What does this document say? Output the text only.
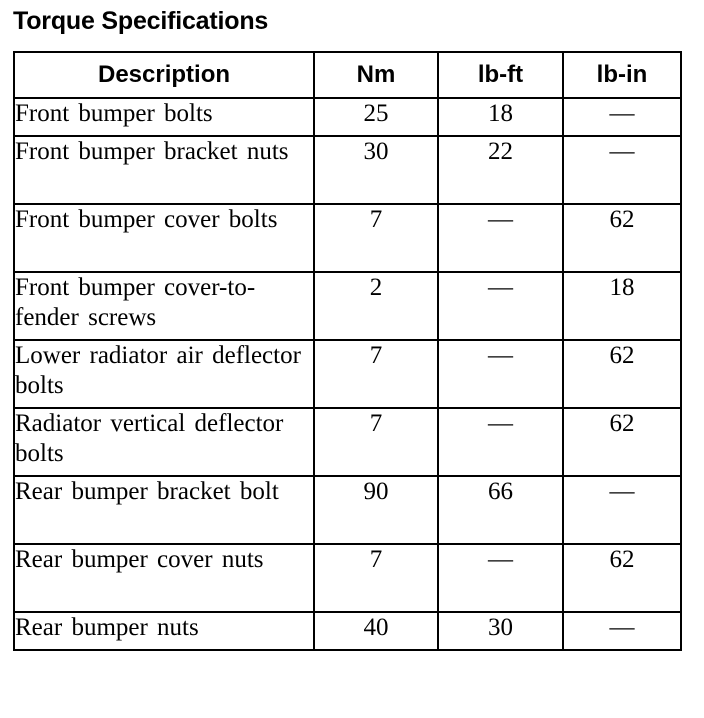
Torque Specifications
Description	Nm	lb-ft	lb-in
Front bumper bolts	25	18	—
Front bumper bracket nuts	30	22	—
Front bumper cover bolts	7	—	62
Front bumper cover-to-fender screws	2	—	18
Lower radiator air deflector bolts	7	—	62
Radiator vertical deflector bolts	7	—	62
Rear bumper bracket bolt	90	66	—
Rear bumper cover nuts	7	—	62
Rear bumper nuts	40	30	—
